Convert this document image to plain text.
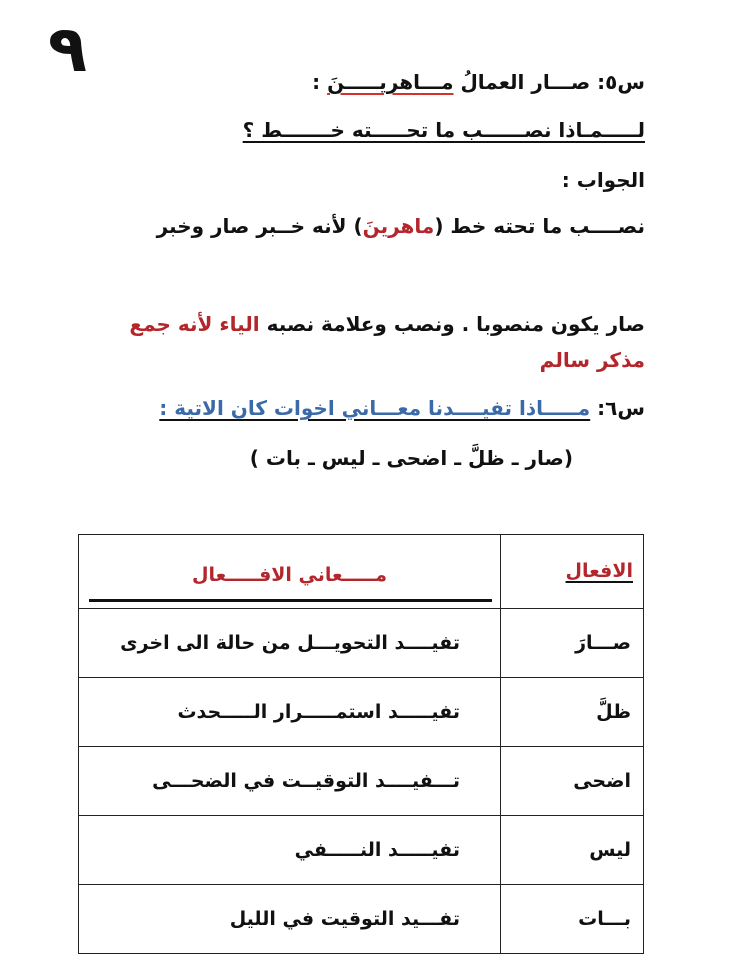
٩	س٥: صـــار العمالُ مـــاهريـــــنَ :
لـــــمـاذا نصــــــب ما تحـــــته خـــــــط ؟
الجواب :
نصــــب ما تحته خط (ماهرينَ) لأنه خــبر صار وخبر
صار يكون منصوبا . ونصب وعلامة نصبه الياء لأنه جمع
مذكر سالم
س٦: مـــــاذا تفيــــدنا معـــاني اخوات كان الاتية :
(صار ـ ظلَّ ـ اضحى ـ ليس ـ بات )
الافعال	مـــــعاني الافـــــعال

صـــارَ	تفيــــد التحويـــل من حالة الى اخرى
ظلَّ	تفيـــــد استمـــــرار الـــــحدث
اضحى	تـــفيــــد التوقيــت في الضحـــى
ليس	تفيـــــد النـــــفي
بـــات	تفـــيد التوقيت في الليل
